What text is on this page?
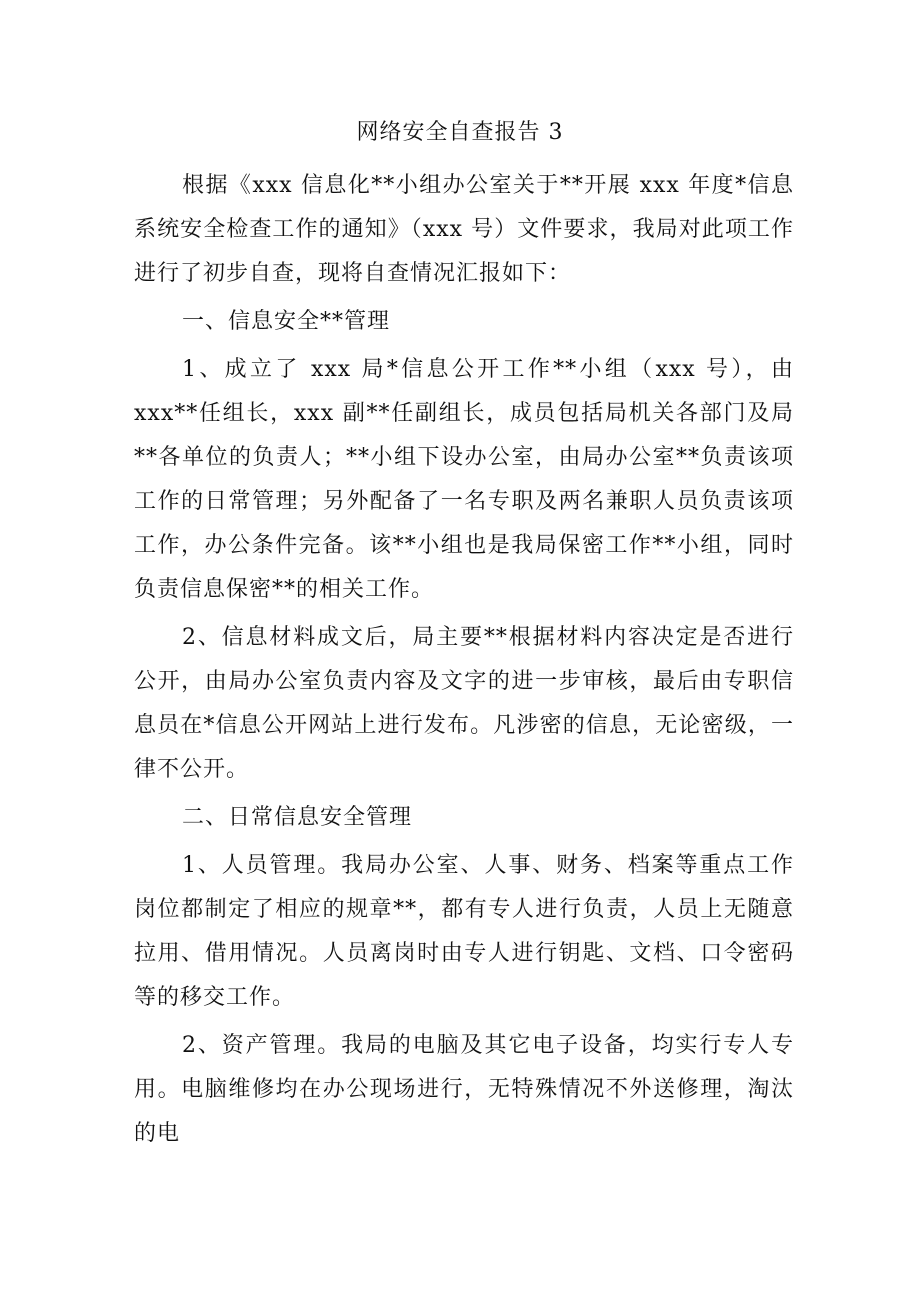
网络安全自查报告 3

根据《xxx 信息化**小组办公室关于**开展 xxx 年度*信息系统安全检查工作的通知》（xxx 号）文件要求，我局对此项工作进行了初步自查，现将自查情况汇报如下：

一、信息安全**管理

1、成立了 xxx 局*信息公开工作**小组（xxx 号），由 xxx**任组长，xxx 副**任副组长，成员包括局机关各部门及局**各单位的负责人；**小组下设办公室，由局办公室**负责该项工作的日常管理；另外配备了一名专职及两名兼职人员负责该项工作，办公条件完备。该**小组也是我局保密工作**小组，同时负责信息保密**的相关工作。

2、信息材料成文后，局主要**根据材料内容决定是否进行公开，由局办公室负责内容及文字的进一步审核，最后由专职信息员在*信息公开网站上进行发布。凡涉密的信息，无论密级，一律不公开。

二、日常信息安全管理

1、人员管理。我局办公室、人事、财务、档案等重点工作岗位都制定了相应的规章**，都有专人进行负责，人员上无随意拉用、借用情况。人员离岗时由专人进行钥匙、文档、口令密码等的移交工作。

2、资产管理。我局的电脑及其它电子设备，均实行专人专用。电脑维修均在办公现场进行，无特殊情况不外送修理，淘汰的电
